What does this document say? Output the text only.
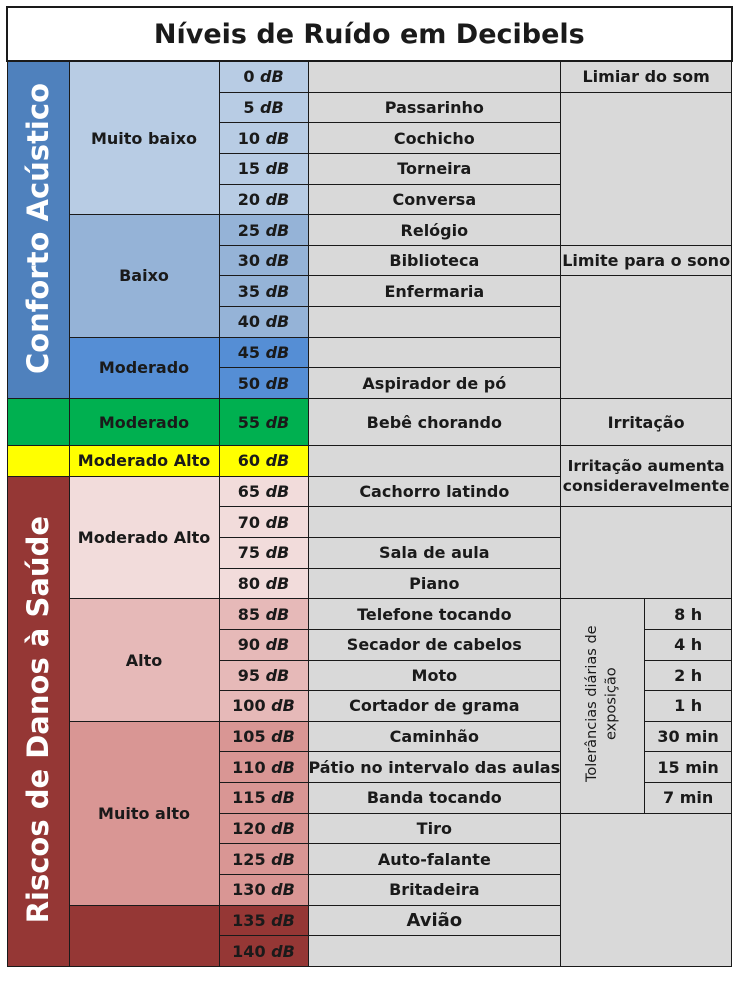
Níveis de Ruído em Decibels					
Conforto Acústico	Muito baixo	0 dB		Limiar do som	
		5 dB	Passarinho		
		10 dB	Cochicho		
		15 dB	Torneira		
		20 dB	Conversa		
	Baixo	25 dB	Relógio		
		30 dB	Biblioteca	Limite para o sono	
		35 dB	Enfermaria		
		40 dB			
	Moderado	45 dB			
		50 dB	Aspirador de pó		
	Moderado	55 dB	Bebê chorando	Irritação	
	Moderado Alto	60 dB		Irritação aumenta consideravelmente	
Riscos de Danos à Saúde	Moderado Alto	65 dB	Cachorro latindo		
		70 dB			
		75 dB	Sala de aula		
		80 dB	Piano		
	Alto	85 dB	Telefone tocando	Tolerâncias diárias de exposição	8 h
		90 dB	Secador de cabelos		4 h
		95 dB	Moto		2 h
		100 dB	Cortador de grama		1 h
	Muito alto	105 dB	Caminhão		30 min
		110 dB	Pátio no intervalo das aulas		15 min
		115 dB	Banda tocando		7 min
		120 dB	Tiro		
		125 dB	Auto-falante		
		130 dB	Britadeira		
		135 dB	Avião		
		140 dB			
